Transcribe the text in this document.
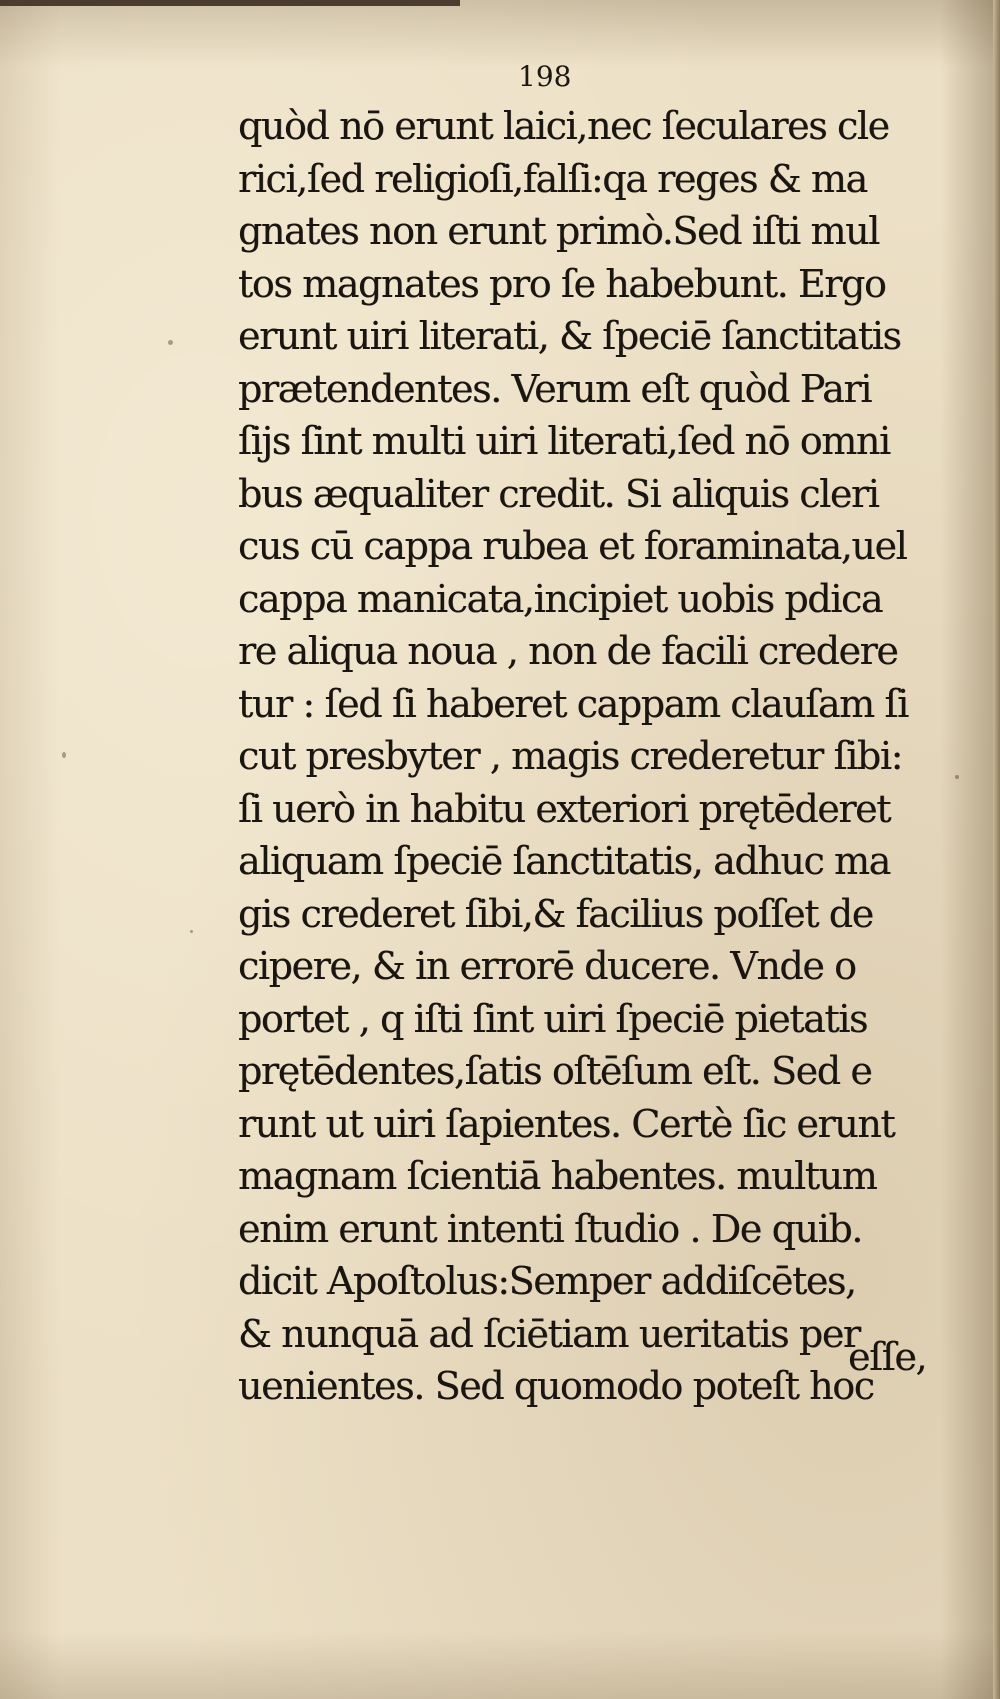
198
quòd nō erunt laici,nec ſeculares cle
rici,ſed religioſi,falſi:qa reges & ma
gnates non erunt primò.Sed iſti mul
tos magnates pro ſe habebunt. Ergo
erunt uiri literati, & ſpeciē ſanctitatis
prætendentes. Verum eſt quòd Pari
ſijs ſint multi uiri literati,ſed nō omni
bus æqualiter credit. Si aliquis cleri
cus cū cappa rubea et foraminata,uel
cappa manicata,incipiet uobis pdica
re aliqua noua , non de facili credere
tur : ſed ſi haberet cappam clauſam ſi
cut presbyter , magis crederetur ſibi:
ſi uerò in habitu exteriori prętēderet
aliquam ſpeciē ſanctitatis, adhuc ma
gis crederet ſibi,& facilius poſſet de
cipere, & in errorē ducere. Vnde o
portet , q iſti ſint uiri ſpeciē pietatis
prętēdentes,ſatis oſtēſum eſt. Sed e
runt ut uiri ſapientes. Certè ſic erunt
magnam ſcientiā habentes. multum
enim erunt intenti ſtudio . De quib.
dicit Apoſtolus:Semper addiſcētes,
& nunquā ad ſciētiam ueritatis per
uenientes. Sed quomodo poteſt hoc
eſſe,
